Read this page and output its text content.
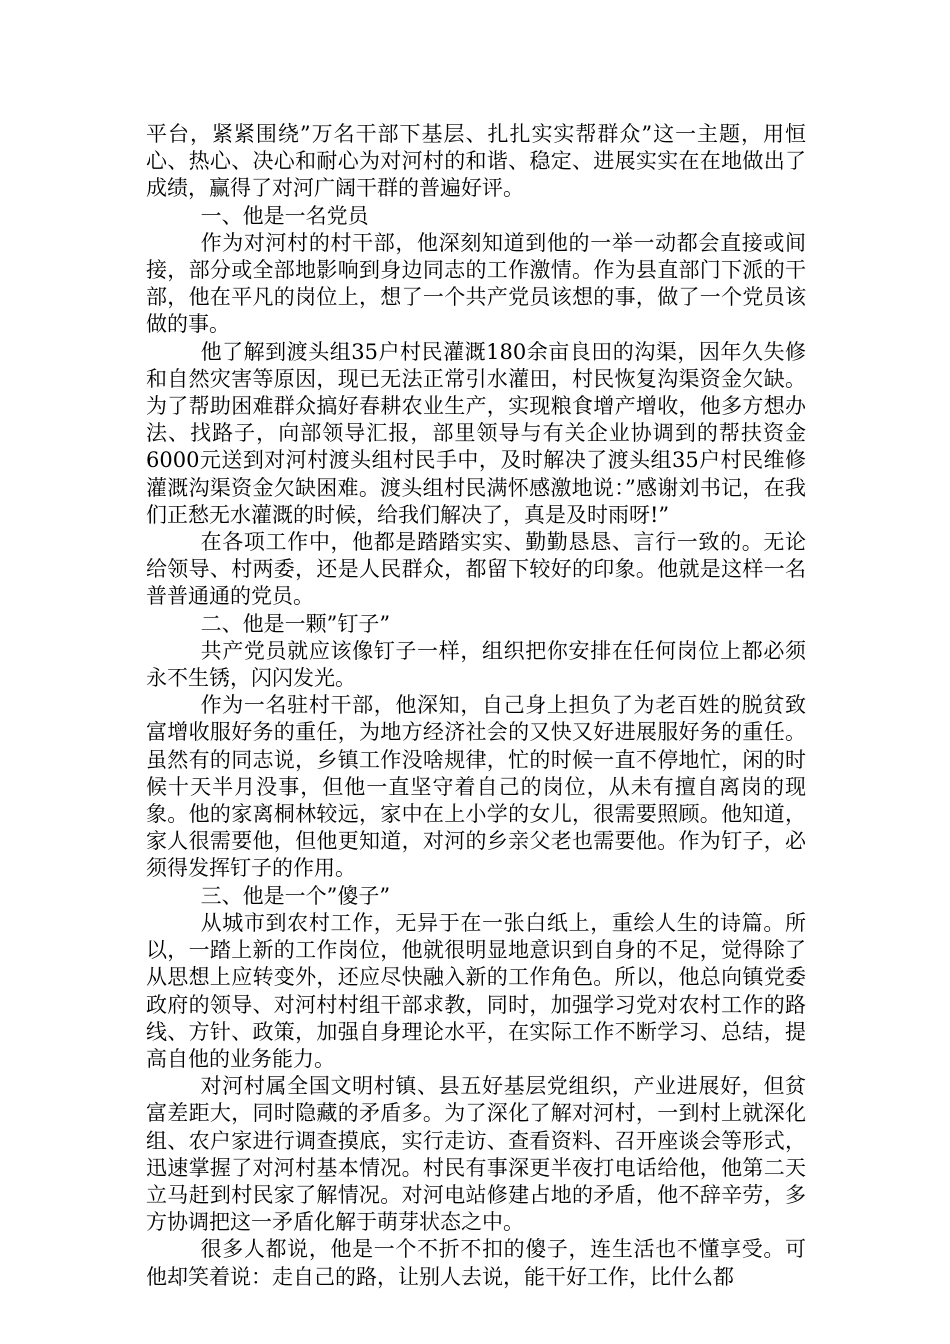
平台，紧紧围绕”万名干部下基层、扎扎实实帮群众”这一主题，用恒心、热心、决心和耐心为对河村的和谐、稳定、进展实实在在地做出了成绩，赢得了对河广阔干群的普遍好评。

一、他是一名党员

作为对河村的村干部，他深刻知道到他的一举一动都会直接或间接，部分或全部地影响到身边同志的工作激情。作为县直部门下派的干部，他在平凡的岗位上，想了一个共产党员该想的事，做了一个党员该做的事。

他了解到渡头组35户村民灌溉180余亩良田的沟渠，因年久失修和自然灾害等原因，现已无法正常引水灌田，村民恢复沟渠资金欠缺。为了帮助困难群众搞好春耕农业生产，实现粮食增产增收，他多方想办法、找路子，向部领导汇报，部里领导与有关企业协调到的帮扶资金6000元送到对河村渡头组村民手中，及时解决了渡头组35户村民维修灌溉沟渠资金欠缺困难。渡头组村民满怀感激地说：”感谢刘书记，在我们正愁无水灌溉的时候，给我们解决了，真是及时雨呀!”

在各项工作中，他都是踏踏实实、勤勤恳恳、言行一致的。无论给领导、村两委，还是人民群众，都留下较好的印象。他就是这样一名普普通通的党员。

二、他是一颗”钉子”

共产党员就应该像钉子一样，组织把你安排在任何岗位上都必须永不生锈，闪闪发光。

作为一名驻村干部，他深知，自己身上担负了为老百姓的脱贫致富增收服好务的重任，为地方经济社会的又快又好进展服好务的重任。虽然有的同志说，乡镇工作没啥规律，忙的时候一直不停地忙，闲的时候十天半月没事，但他一直坚守着自己的岗位，从未有擅自离岗的现象。他的家离桐林较远，家中在上小学的女儿，很需要照顾。他知道，家人很需要他，但他更知道，对河的乡亲父老也需要他。作为钉子，必须得发挥钉子的作用。

三、他是一个”傻子”

从城市到农村工作，无异于在一张白纸上，重绘人生的诗篇。所以，一踏上新的工作岗位，他就很明显地意识到自身的不足，觉得除了从思想上应转变外，还应尽快融入新的工作角色。所以，他总向镇党委政府的领导、对河村村组干部求教，同时，加强学习党对农村工作的路线、方针、政策，加强自身理论水平，在实际工作不断学习、总结，提高自他的业务能力。

对河村属全国文明村镇、县五好基层党组织，产业进展好，但贫富差距大，同时隐藏的矛盾多。为了深化了解对河村，一到村上就深化组、农户家进行调查摸底，实行走访、查看资料、召开座谈会等形式，迅速掌握了对河村基本情况。村民有事深更半夜打电话给他，他第二天立马赶到村民家了解情况。对河电站修建占地的矛盾，他不辞辛劳，多方协调把这一矛盾化解于萌芽状态之中。

很多人都说，他是一个不折不扣的傻子，连生活也不懂享受。可他却笑着说：走自己的路，让别人去说，能干好工作，比什么都
